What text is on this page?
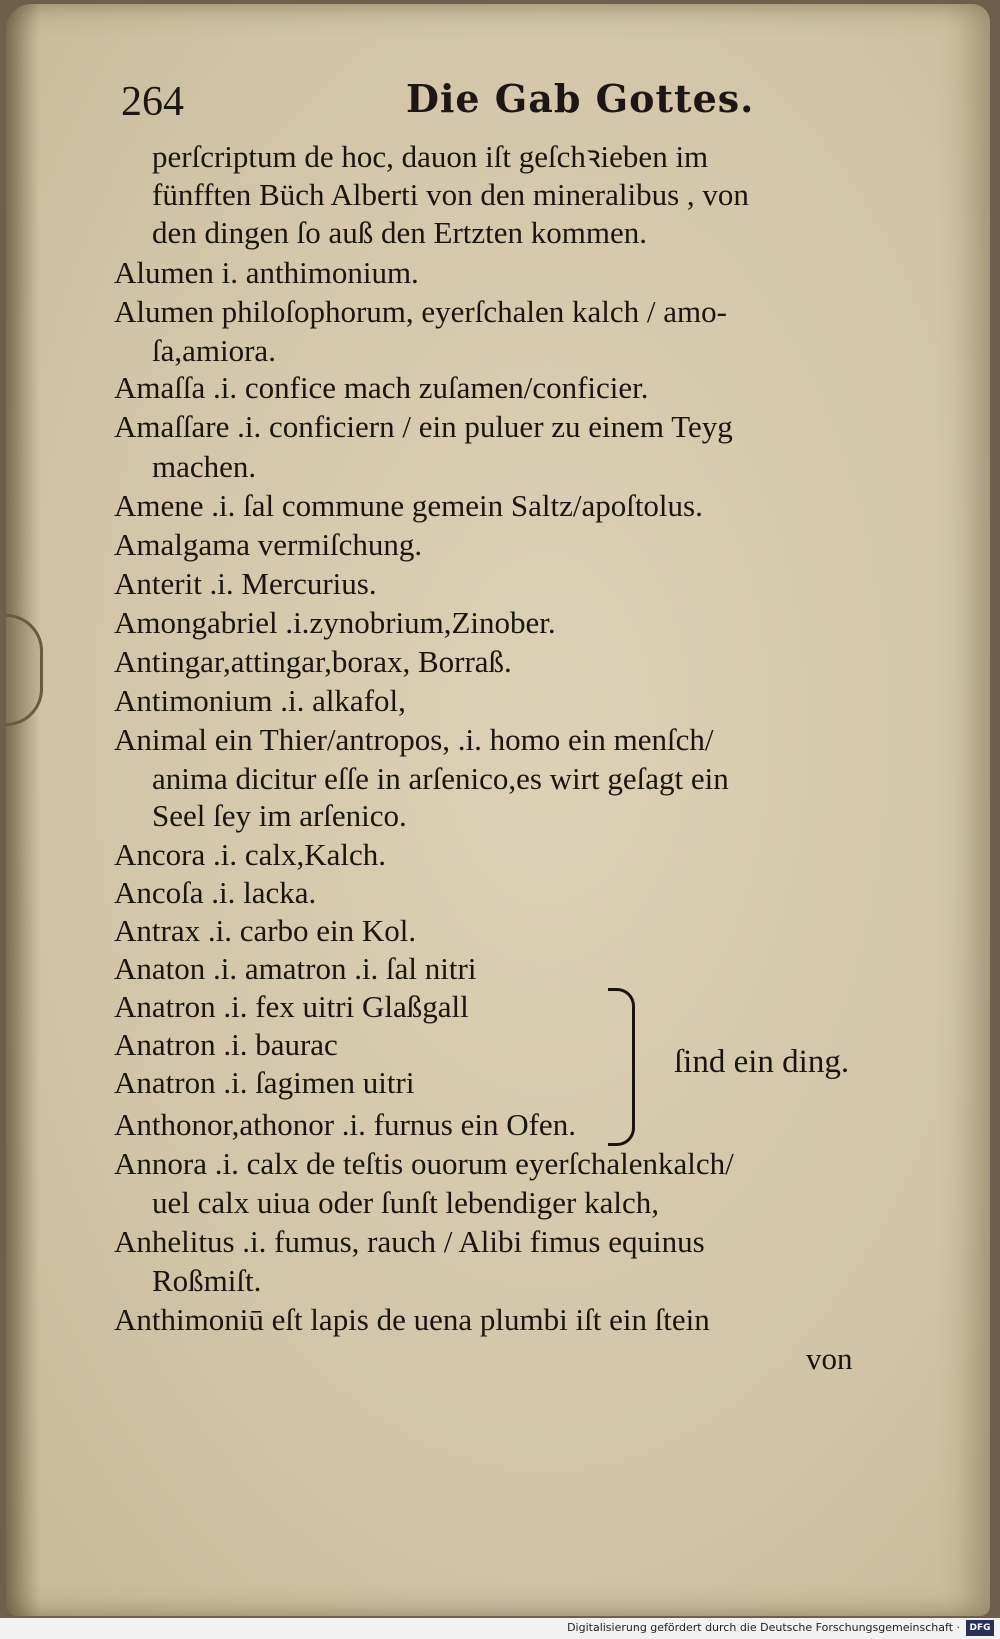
264	Die Gab Gottes.
perſcriptum de hoc, dauon iſt geſchꝛieben im
fünfften Büch Alberti von den mineralibus , von
den dingen ſo auß den Ertzten kommen.
Alumen i. anthimonium.
Alumen philoſophorum, eyerſchalen kalch / amo-
ſa,amiora.
Amaſſa .i. confice mach zuſamen/conficier.
Amaſſare .i. conficiern / ein puluer zu einem Teyg
machen.
Amene .i. ſal commune gemein Saltz/apoſtolus.
Amalgama vermiſchung.
Anterit .i. Mercurius.
Amongabriel .i.zynobrium,Zinober.
Antingar,attingar,borax, Borraß.
Antimonium .i. alkafol,
Animal ein Thier/antropos, .i. homo ein menſch/
anima dicitur eſſe in arſenico,es wirt geſagt ein
Seel ſey im arſenico.
Ancora .i. calx,Kalch.
Ancoſa .i. lacka.
Antrax .i. carbo ein Kol.
Anaton .i. amatron .i. ſal nitri
Anatron .i. fex uitri Glaßgall
Anatron .i. baurac
Anatron .i. ſagimen uitri
Anthonor,athonor .i. furnus ein Ofen.
Annora .i. calx de teſtis ouorum eyerſchalenkalch/
uel calx uiua oder ſunſt lebendiger kalch,
Anhelitus .i. fumus, rauch / Alibi fimus equinus
Roßmiſt.
Anthimoniū eſt lapis de uena plumbi iſt ein ſtein
von
ſind ein ding.
Digitalisierung gefördert durch die Deutsche Forschungsgemeinschaft ·	DFG
